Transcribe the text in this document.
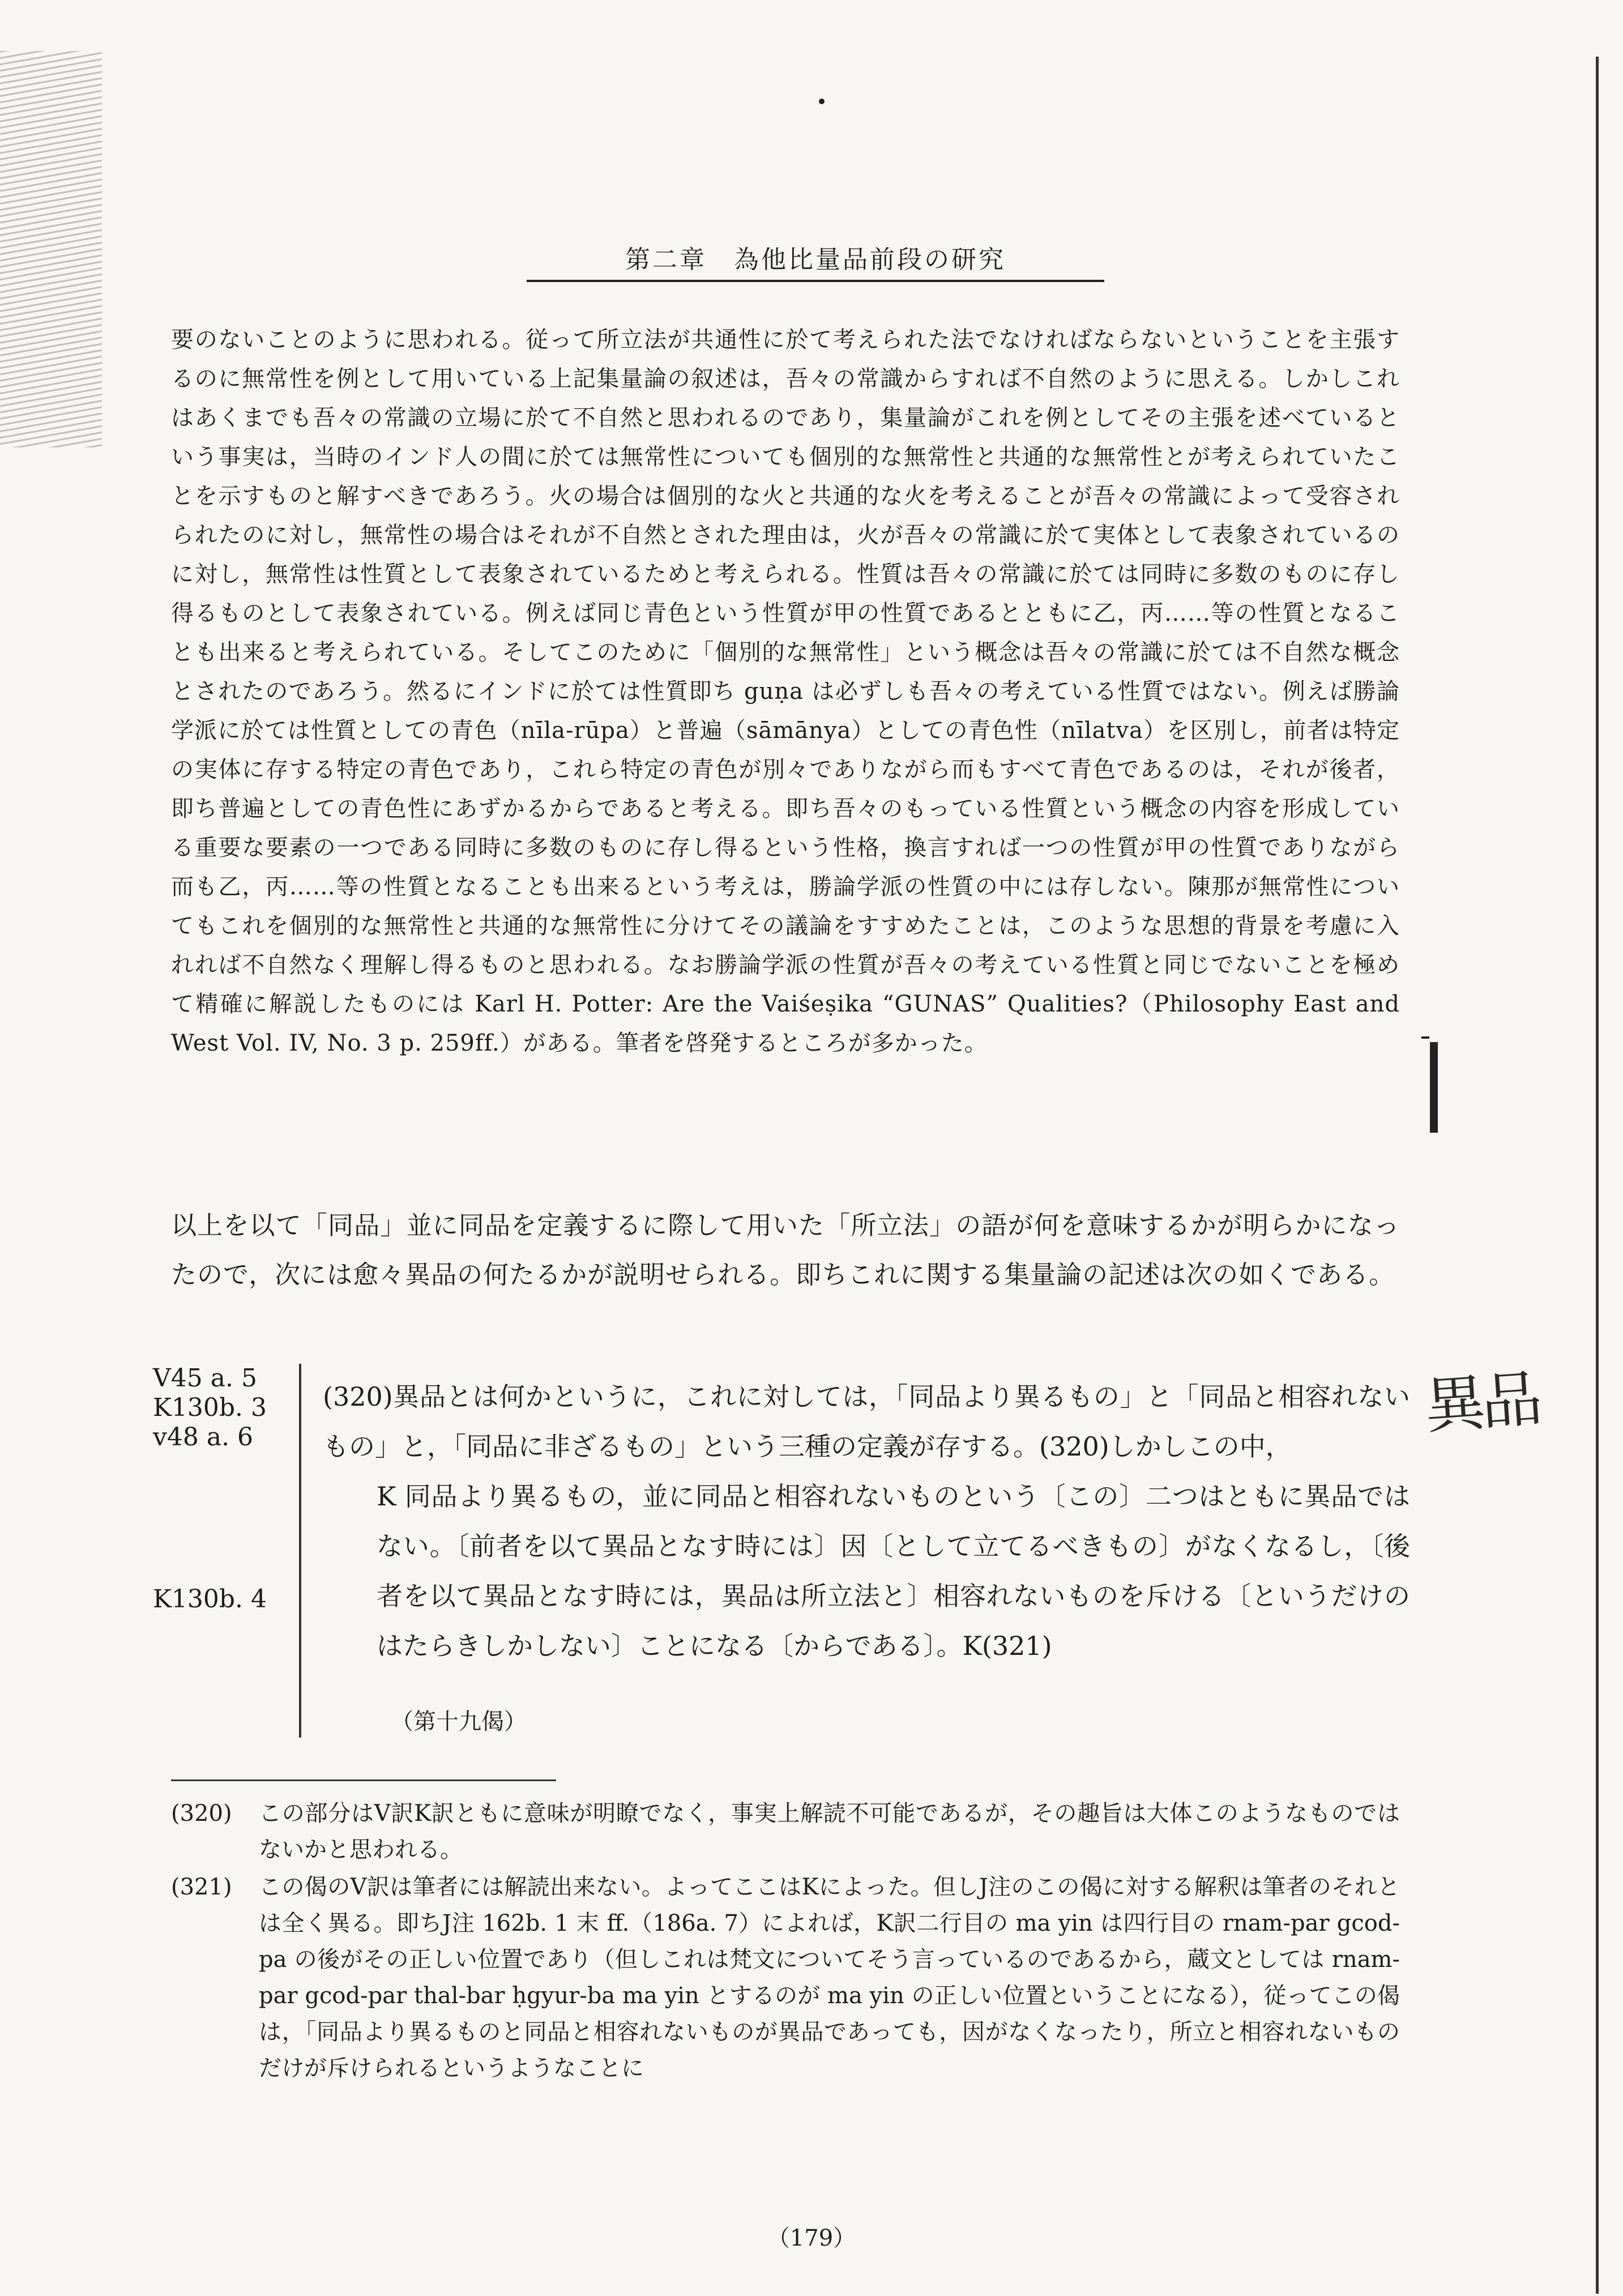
第二章　為他比量品前段の研究
要のないことのように思われる。従って所立法が共通性に於て考えられた法でなければならないということを主張するのに無常性を例として用いている上記集量論の叙述は，吾々の常識からすれば不自然のように思える。しかしこれはあくまでも吾々の常識の立場に於て不自然と思われるのであり，集量論がこれを例としてその主張を述べているという事実は，当時のインド人の間に於ては無常性についても個別的な無常性と共通的な無常性とが考えられていたことを示すものと解すべきであろう。火の場合は個別的な火と共通的な火を考えることが吾々の常識によって受容されられたのに対し，無常性の場合はそれが不自然とされた理由は，火が吾々の常識に於て実体として表象されているのに対し，無常性は性質として表象されているためと考えられる。性質は吾々の常識に於ては同時に多数のものに存し得るものとして表象されている。例えば同じ青色という性質が甲の性質であるとともに乙，丙……等の性質となることも出来ると考えられている。そしてこのために「個別的な無常性」という概念は吾々の常識に於ては不自然な概念とされたのであろう。然るにインドに於ては性質即ち guṇa は必ずしも吾々の考えている性質ではない。例えば勝論学派に於ては性質としての青色（nīla-rūpa）と普遍（sāmānya）としての青色性（nīlatva）を区別し，前者は特定の実体に存する特定の青色であり，これら特定の青色が別々でありながら而もすべて青色であるのは，それが後者，即ち普遍としての青色性にあずかるからであると考える。即ち吾々のもっている性質という概念の内容を形成している重要な要素の一つである同時に多数のものに存し得るという性格，換言すれば一つの性質が甲の性質でありながら而も乙，丙……等の性質となることも出来るという考えは，勝論学派の性質の中には存しない。陳那が無常性についてもこれを個別的な無常性と共通的な無常性に分けてその議論をすすめたことは，このような思想的背景を考慮に入れれば不自然なく理解し得るものと思われる。なお勝論学派の性質が吾々の考えている性質と同じでないことを極めて精確に解説したものには Karl H. Potter: Are the Vaiśeṣika “GUNAS” Qualities?（Philosophy East and West Vol. IV, No. 3 p. 259ff.）がある。筆者を啓発するところが多かった。
以上を以て「同品」並に同品を定義するに際して用いた「所立法」の語が何を意味するかが明らかになったので，次には愈々異品の何たるかが説明せられる。即ちこれに関する集量論の記述は次の如くである。
V45 a. 5
K130b. 3
v48 a. 6
K130b. 4
(320)異品とは何かというに，これに対しては，「同品より異るもの」と「同品と相容れないもの」と，「同品に非ざるもの」という三種の定義が存する。(320)しかしこの中，
K 同品より異るもの，並に同品と相容れないものという〔この〕二つはともに異品ではない。〔前者を以て異品となす時には〕因〔として立てるべきもの〕がなくなるし，〔後者を以て異品となす時には，異品は所立法と〕相容れないものを斥ける〔というだけのはたらきしかしない〕ことになる〔からである〕。K(321)
（第十九偈）
異品
(320)	この部分はV訳K訳ともに意味が明瞭でなく，事実上解読不可能であるが，その趣旨は大体このようなものではないかと思われる。
(321)	この偈のV訳は筆者には解読出来ない。よってここはKによった。但しJ注のこの偈に対する解釈は筆者のそれとは全く異る。即ちJ注 162b. 1 末 ff.（186a. 7）によれば，K訳二行目の ma yin は四行目の rnam-par gcod-pa の後がその正しい位置であり（但しこれは梵文についてそう言っているのであるから，蔵文としては rnam-par gcod-par thal-bar ḥgyur-ba ma yin とするのが ma yin の正しい位置ということになる），従ってこの偈は，「同品より異るものと同品と相容れないものが異品であっても，因がなくなったり，所立と相容れないものだけが斥けられるというようなことに
（179）
